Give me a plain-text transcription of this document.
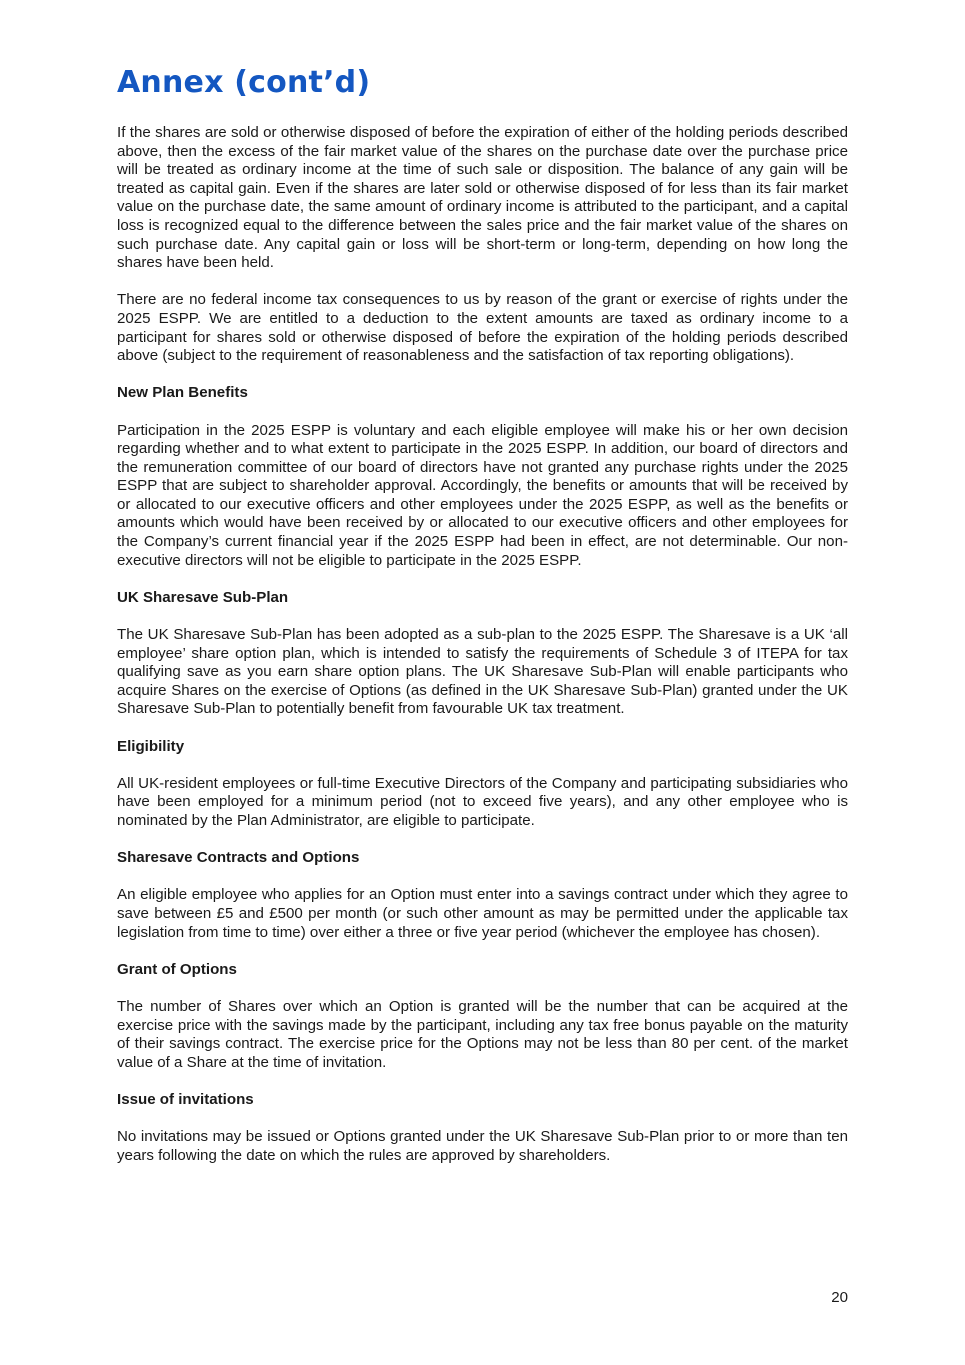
Annex (cont’d)

If the shares are sold or otherwise disposed of before the expiration of either of the holding periods described above, then the excess of the fair market value of the shares on the purchase date over the purchase price will be treated as ordinary income at the time of such sale or disposition. The balance of any gain will be treated as capital gain. Even if the shares are later sold or otherwise disposed of for less than its fair market value on the purchase date, the same amount of ordinary income is attributed to the participant, and a capital loss is recognized equal to the difference between the sales price and the fair market value of the shares on such purchase date. Any capital gain or loss will be short-term or long-term, depending on how long the shares have been held.

There are no federal income tax consequences to us by reason of the grant or exercise of rights under the 2025 ESPP. We are entitled to a deduction to the extent amounts are taxed as ordinary income to a participant for shares sold or otherwise disposed of before the expiration of the holding periods described above (subject to the requirement of reasonableness and the satisfaction of tax reporting obligations).

New Plan Benefits

Participation in the 2025 ESPP is voluntary and each eligible employee will make his or her own decision regarding whether and to what extent to participate in the 2025 ESPP. In addition, our board of directors and the remuneration committee of our board of directors have not granted any purchase rights under the 2025 ESPP that are subject to shareholder approval. Accordingly, the benefits or amounts that will be received by or allocated to our executive officers and other employees under the 2025 ESPP, as well as the benefits or amounts which would have been received by or allocated to our executive officers and other employees for the Company’s current financial year if the 2025 ESPP had been in effect, are not determinable. Our non-executive directors will not be eligible to participate in the 2025 ESPP.

UK Sharesave Sub-Plan

The UK Sharesave Sub-Plan has been adopted as a sub-plan to the 2025 ESPP. The Sharesave is a UK ‘all employee’ share option plan, which is intended to satisfy the requirements of Schedule 3 of ITEPA for tax qualifying save as you earn share option plans. The UK Sharesave Sub-Plan will enable participants who acquire Shares on the exercise of Options (as defined in the UK Sharesave Sub-Plan) granted under the UK Sharesave Sub-Plan to potentially benefit from favourable UK tax treatment.

Eligibility

All UK-resident employees or full-time Executive Directors of the Company and participating subsidiaries who have been employed for a minimum period (not to exceed five years), and any other employee who is nominated by the Plan Administrator, are eligible to participate.

Sharesave Contracts and Options

An eligible employee who applies for an Option must enter into a savings contract under which they agree to save between £5 and £500 per month (or such other amount as may be permitted under the applicable tax legislation from time to time) over either a three or five year period (whichever the employee has chosen).

Grant of Options

The number of Shares over which an Option is granted will be the number that can be acquired at the exercise price with the savings made by the participant, including any tax free bonus payable on the maturity of their savings contract. The exercise price for the Options may not be less than 80 per cent. of the market value of a Share at the time of invitation.

Issue of invitations

No invitations may be issued or Options granted under the UK Sharesave Sub-Plan prior to or more than ten years following the date on which the rules are approved by shareholders.

20
